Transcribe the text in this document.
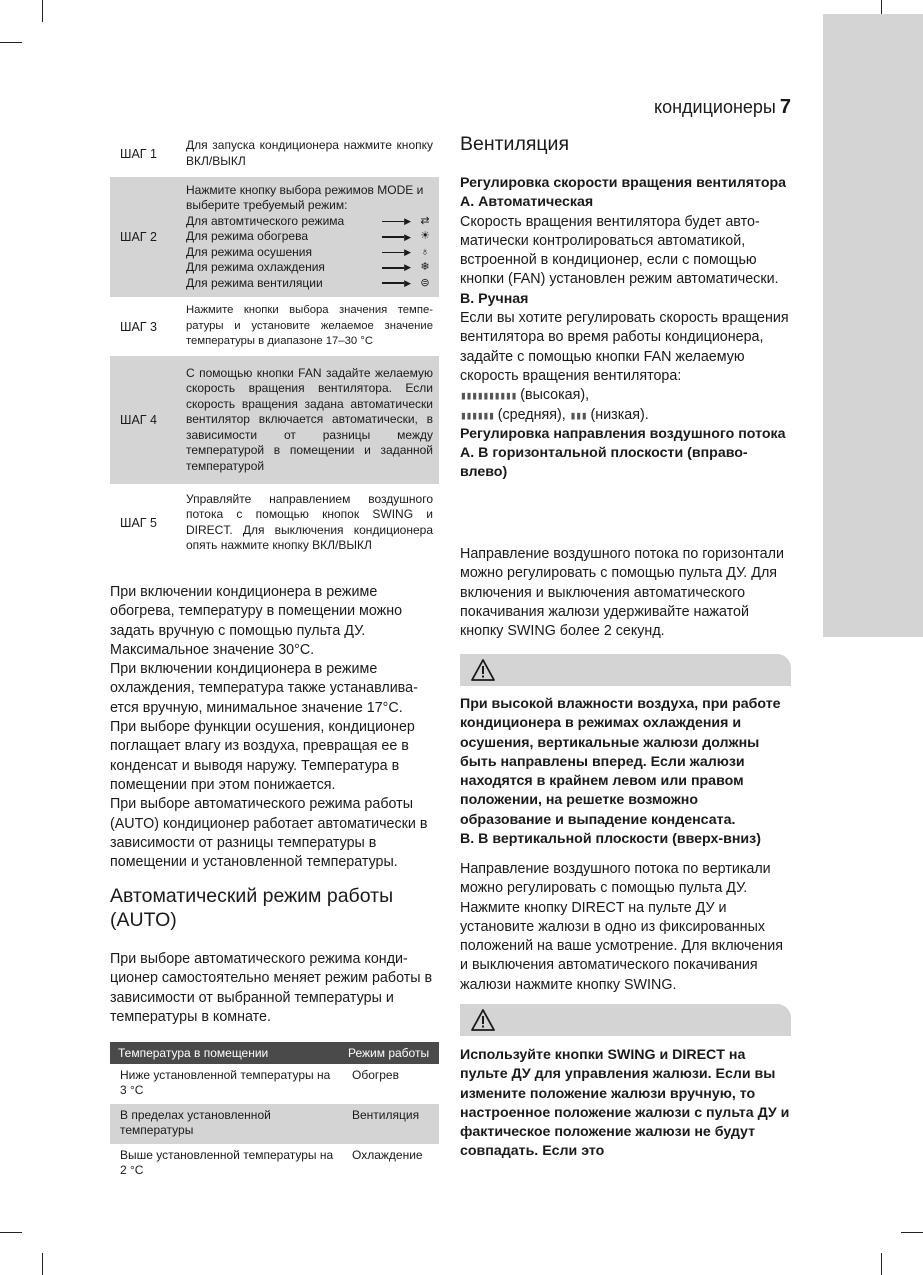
кондиционеры 7
ШАГ 1
Для запуска кондиционера нажмите кнопку ВКЛ/ВЫКЛ
ШАГ 2
Нажмите кнопку выбора режимов MODE и выберите требуемый режим:
Для автомтического режима	▶ ⇄
Для режима обогрева	▶ ☀
Для режима осушения	▶ ♁
Для режима охлаждения	▶ ❄
Для режима вентиляции	▶ ⊜
ШАГ 3
Нажмите кнопки выбора значения температуры и установите желаемое значение температуры в диапазоне 17–30 °С
ШАГ 4
С помощью кнопки FAN задайте желаемую скорость вращения вентилятора. Если скорость вращения задана автоматически вентилятор включается автоматически, в зависимости от разницы между температурой в помещении и заданной температурой
ШАГ 5
Управляйте направлением воздушного потока с помощью кнопок SWING и DIRECT. Для выключения кондиционера опять нажмите кнопку ВКЛ/ВЫКЛ

При включении кондиционера в режиме обогрева, температуру в помещении можно задать вручную с помощью пульта ДУ. Максимальное значение 30°С.

При включении кондиционера в режиме охлаждения, температура также устанавливается вручную, минимальное значение 17°С.

При выборе функции осушения, кондиционер поглащает влагу из воздуха, превращая ее в конденсат и выводя наружу. Температура в помещении при этом понижается.

При выборе автоматического режима работы (AUTO) кондиционер работает автоматически в зависимости от разницы температуры в помещении и установленной температуры.

Автоматический режим работы (AUTO)

При выборе автоматического режима кондиционер самостоятельно меняет режим работы в зависимости от выбранной температуры и температуры в комнате.

Температура в помещении	Режим работы
Ниже установленной температуры на 3 °С	Обогрев
В пределах установленной температуры	Вентиляция
Выше установленной температуры на 2 °С	Охлаждение
Вентиляция

Регулировка скорости вращения вентилятора

А. Автоматическая

Скорость вращения вентилятора будет автоматически контролироваться автоматикой, встроенной в кондиционер, если с помощью кнопки (FAN) установлен режим автоматически.

В. Ручная

Если вы хотите регулировать скорость вращения вентилятора во время работы кондиционера, задайте с помощью кнопки FAN желаемую скорость вращения вентилятора:

▮▮▮▮▮▮▮▮▮▮ (высокая),
▮▮▮▮▮▮ (средняя), ▮▮▮ (низкая).

Регулировка направления воздушного потока

А. В горизонтальной плоскости (вправо-влево)

Направление воздушного потока по горизонтали можно регулировать с помощью пульта ДУ. Для включения и выключения автоматического покачивания жалюзи удерживайте нажатой кнопку SWING более 2 секунд.

При высокой влажности воздуха, при работе кондиционера в режимах охлаждения и осушения, вертикальные жалюзи должны быть направлены вперед. Если жалюзи находятся в крайнем левом или правом положении, на решетке возможно образование и выпадение конденсата.

В. В вертикальной плоскости (вверх-вниз)

Направление воздушного потока по вертикали можно регулировать с помощью пульта ДУ. Нажмите кнопку DIRECT на пульте ДУ и установите жалюзи в одно из фиксированных положений на ваше усмотрение. Для включения и выключения автоматического покачивания жалюзи нажмите кнопку SWING.

Используйте кнопки SWING и DIRECT на пульте ДУ для управления жалюзи. Если вы измените положение жалюзи вручную, то настроенное положение жалюзи с пульта ДУ и фактическое положение жалюзи не будут совпадать. Если это
